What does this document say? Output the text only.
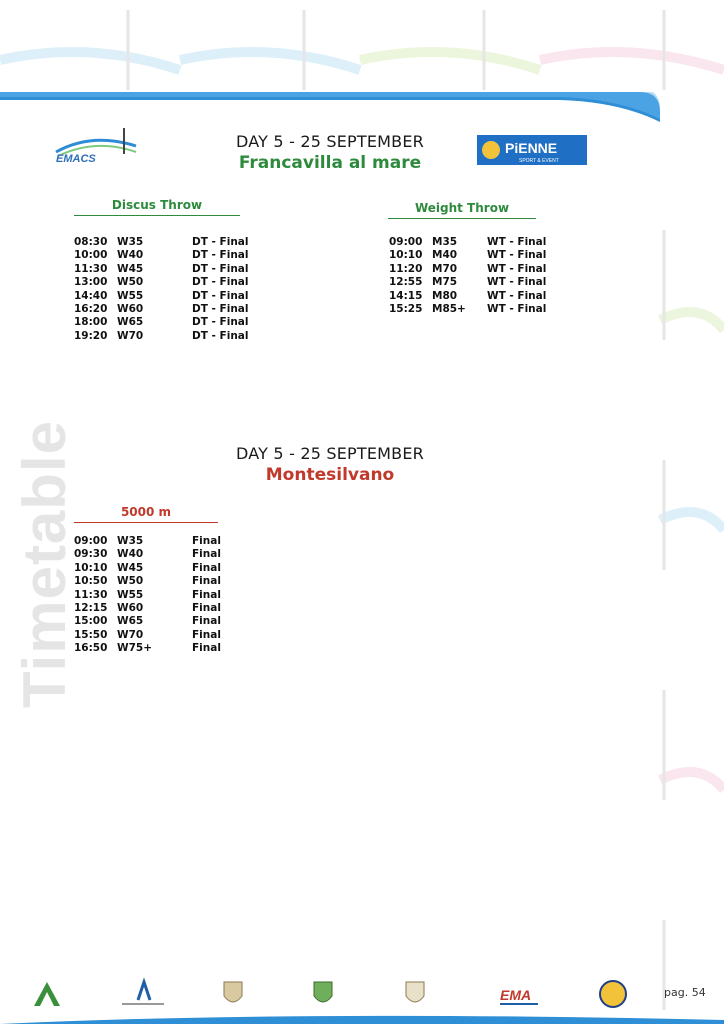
EMACS
PiENNE
SPORT & EVENT
DAY 5 - 25 SEPTEMBER
Francavilla al mare
Discus Throw
08:30 W35	DT - Final
10:00 W40	DT - Final
11:30 W45	DT - Final
13:00 W50	DT - Final
14:40 W55	DT - Final
16:20 W60	DT - Final
18:00 W65	DT - Final
19:20 W70	DT - Final
Weight Throw
09:00 M35	WT - Final
10:10 M40	WT - Final
11:20 M70	WT - Final
12:55 M75	WT - Final
14:15 M80	WT - Final
15:25 M85+ WT - Final
DAY 5 - 25 SEPTEMBER
Montesilvano
5000 m
09:00 W35	Final
09:30 W40	Final
10:10 W45	Final
10:50 W50	Final
11:30 W55	Final
12:15 W60	Final
15:00 W65	Final
15:50 W70	Final
16:50 W75+	Final
Timetable
EMA	pag. 54
